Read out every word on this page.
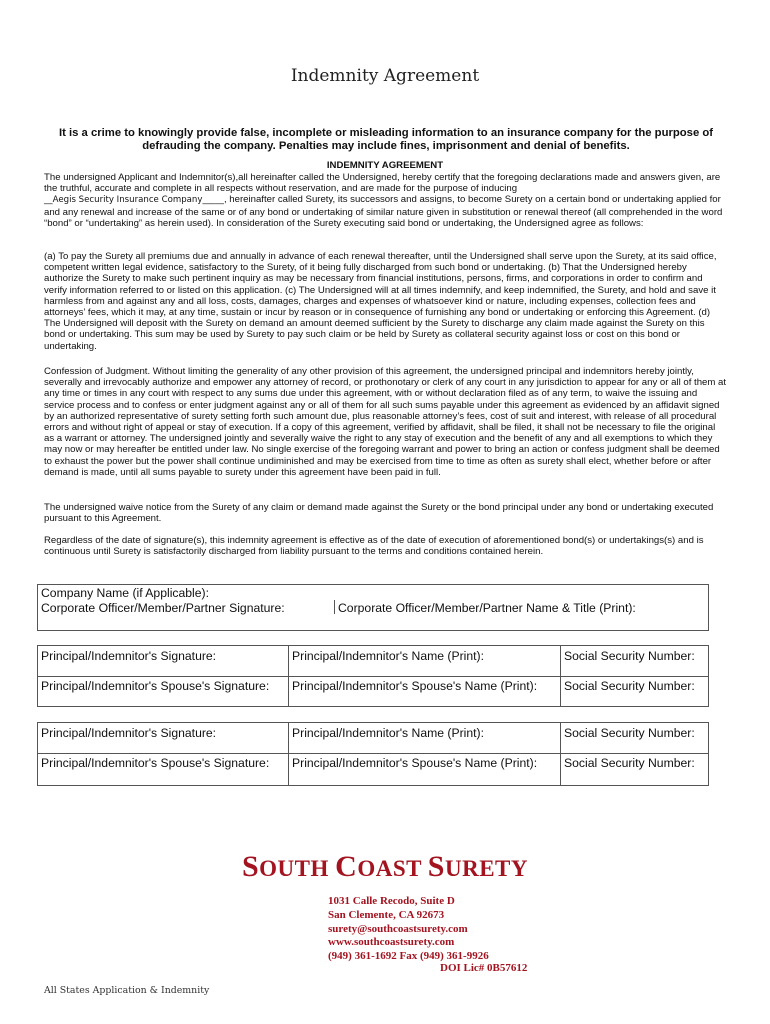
Indemnity Agreement
It is a crime to knowingly provide false, incomplete or misleading information to an insurance company for the purpose of
defrauding the company. Penalties may include fines, imprisonment and denial of benefits.
INDEMNITY AGREEMENT

The undersigned Applicant and Indemnitor(s),all hereinafter called the Undersigned, hereby certify that the foregoing declarations made and answers given, are the truthful, accurate and complete in all respects without reservation, and are made for the purpose of inducing
__Aegis Security Insurance Company_____, hereinafter called Surety, its successors and assigns, to become Surety on a certain bond or undertaking applied for and any renewal and increase of the same or of any bond or undertaking of similar nature given in substitution or renewal thereof (all comprehended in the word “bond” or “undertaking” as herein used). In consideration of the Surety executing said bond or undertaking, the Undersigned agree as follows:

(a) To pay the Surety all premiums due and annually in advance of each renewal thereafter, until the Undersigned shall serve upon the Surety, at its said office, competent written legal evidence, satisfactory to the Surety, of it being fully discharged from such bond or undertaking. (b) That the Undersigned hereby authorize the Surety to make such pertinent inquiry as may be necessary from financial institutions, persons, firms, and corporations in order to confirm and verify information referred to or listed on this application. (c) The Undersigned will at all times indemnify, and keep indemnified, the Surety, and hold and save it harmless from and against any and all loss, costs, damages, charges and expenses of whatsoever kind or nature, including expenses, collection fees and attorneys’ fees, which it may, at any time, sustain or incur by reason or in consequence of furnishing any bond or undertaking or enforcing this Agreement. (d) The Undersigned will deposit with the Surety on demand an amount deemed sufficient by the Surety to discharge any claim made against the Surety on this bond or undertaking. This sum may be used by Surety to pay such claim or be held by Surety as collateral security against loss or cost on this bond or undertaking.

Confession of Judgment. Without limiting the generality of any other provision of this agreement, the undersigned principal and indemnitors hereby jointly, severally and irrevocably authorize and empower any attorney of record, or prothonotary or clerk of any court in any jurisdiction to appear for any or all of them at any time or times in any court with respect to any sums due under this agreement, with or without declaration filed as of any term, to waive the issuing and service process and to confess or enter judgment against any or all of them for all such sums payable under this agreement as evidenced by an affidavit signed by an authorized representative of surety setting forth such amount due, plus reasonable attorney’s fees, cost of suit and interest, with release of all procedural errors and without right of appeal or stay of execution. If a copy of this agreement, verified by affidavit, shall be filed, it shall not be necessary to file the original as a warrant or attorney. The undersigned jointly and severally waive the right to any stay of execution and the benefit of any and all exemptions to which they may now or may hereafter be entitled under law. No single exercise of the foregoing warrant and power to bring an action or confess judgment shall be deemed to exhaust the power but the power shall continue undiminished and may be exercised from time to time as often as surety shall elect, whether before or after demand is made, until all sums payable to surety under this agreement have been paid in full.

The undersigned waive notice from the Surety of any claim or demand made against the Surety or the bond principal under any bond or undertaking executed pursuant to this Agreement.

Regardless of the date of signature(s), this indemnity agreement is effective as of the date of execution of aforementioned bond(s) or undertakings(s) and is continuous until Surety is satisfactorily discharged from liability pursuant to the terms and conditions contained herein.

Company Name (if Applicable):
Corporate Officer/Member/Partner Signature:	Corporate Officer/Member/Partner Name & Title (Print):
Principal/Indemnitor's Signature:	Principal/Indemnitor's Name (Print):	Social Security Number:
Principal/Indemnitor's Spouse's Signature:	Principal/Indemnitor's Spouse's Name (Print):	Social Security Number:
Principal/Indemnitor's Signature:	Principal/Indemnitor's Name (Print):	Social Security Number:
Principal/Indemnitor's Spouse's Signature:	Principal/Indemnitor's Spouse's Name (Print):	Social Security Number:
SOUTH COAST SURETY
1031 Calle Recodo, Suite D
San Clemente, CA 92673
surety@southcoastsurety.com
www.southcoastsurety.com
(949) 361-1692 Fax (949) 361-9926
DOI Lic# 0B57612
All States Application & Indemnity
